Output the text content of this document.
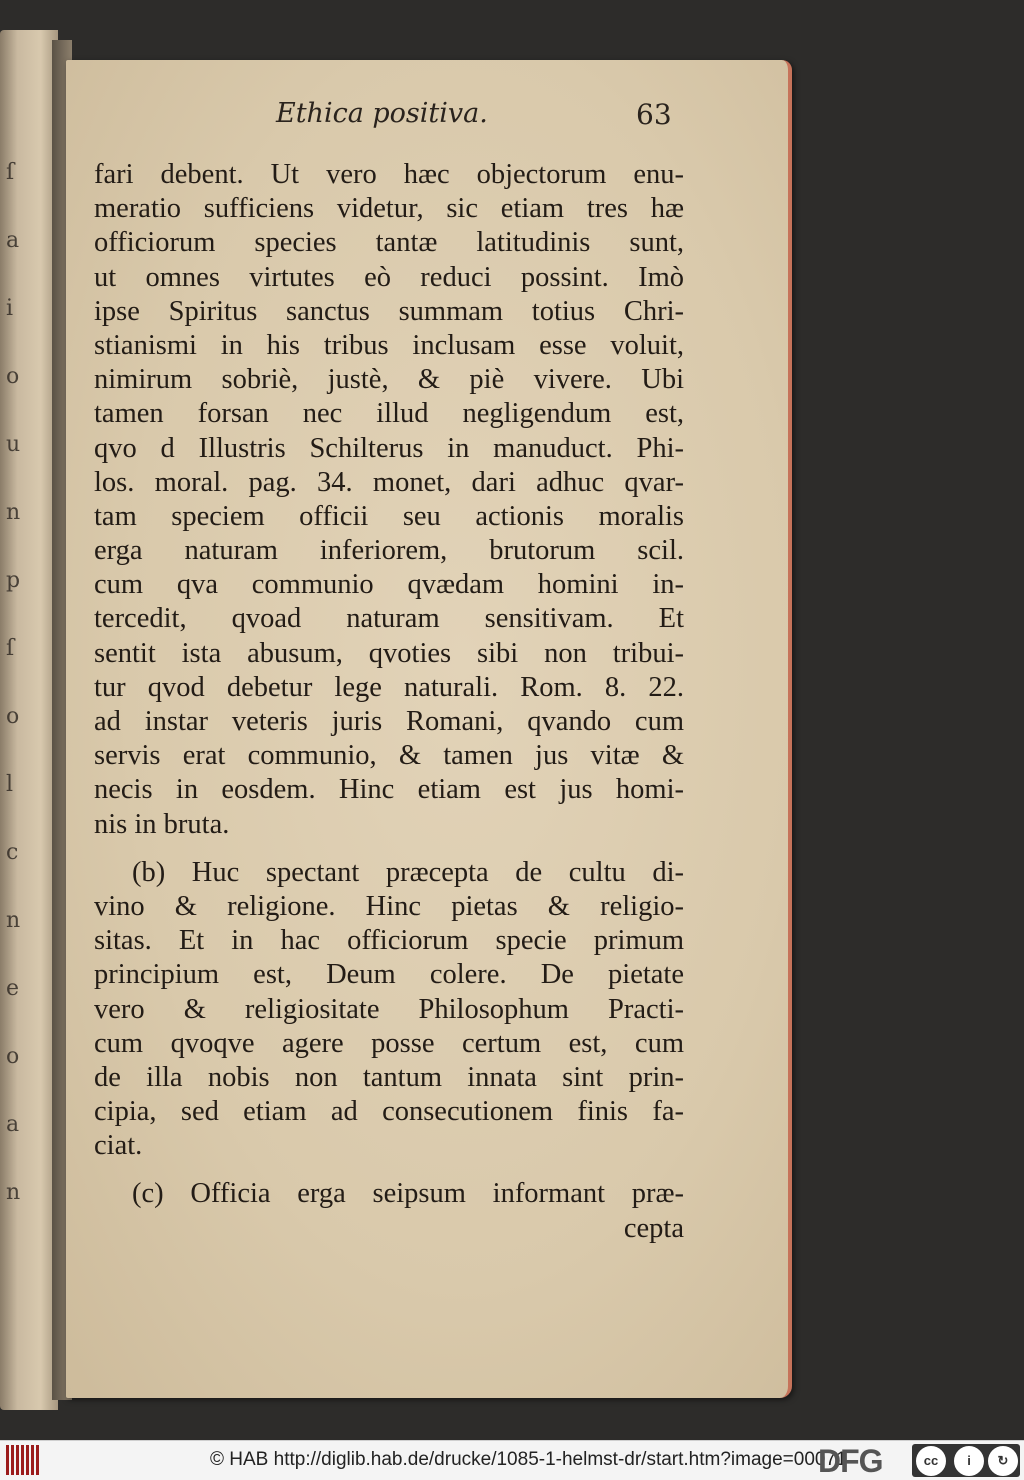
ſ
a
i
o
u
n
p
ſ
o
l
c
n
e
o
a
n
Ethica positiva.	63
fari debent. Ut vero hæc objectorum enu-
meratio sufficiens videtur, sic etiam tres hæ
officiorum species tantæ latitudinis sunt,
ut omnes virtutes eò reduci possint. Imò
ipse Spiritus sanctus summam totius Chri-
stianismi in his tribus inclusam esse voluit,
nimirum sobriè, justè, & piè vivere. Ubi
tamen forsan nec illud negligendum est,
qvo d Illustris Schilterus in manuduct. Phi-
los. moral. pag. 34. monet, dari adhuc qvar-
tam speciem officii seu actionis moralis
erga naturam inferiorem, brutorum scil.
cum qva communio qvædam homini in-
tercedit, qvoad naturam sensitivam. Et
sentit ista abusum, qvoties sibi non tribui-
tur qvod debetur lege naturali. Rom. 8. 22.
ad instar veteris juris Romani, qvando cum
servis erat communio, & tamen jus vitæ &
necis in eosdem. Hinc etiam est jus homi-
nis in bruta.
(b) Huc spectant præcepta de cultu di-
vino & religione. Hinc pietas & religio-
sitas. Et in hac officiorum specie primum
principium est, Deum colere. De pietate
vero & religiositate Philosophum Practi-
cum qvoqve agere posse certum est, cum
de illa nobis non tantum innata sint prin-
cipia, sed etiam ad consecutionem finis fa-
ciat.
(c) Officia erga seipsum informant præ-
cepta
© HAB http://diglib.hab.de/drucke/1085-1-helmst-dr/start.htm?image=00071
DFG	cc	i	↻
BY	SA
